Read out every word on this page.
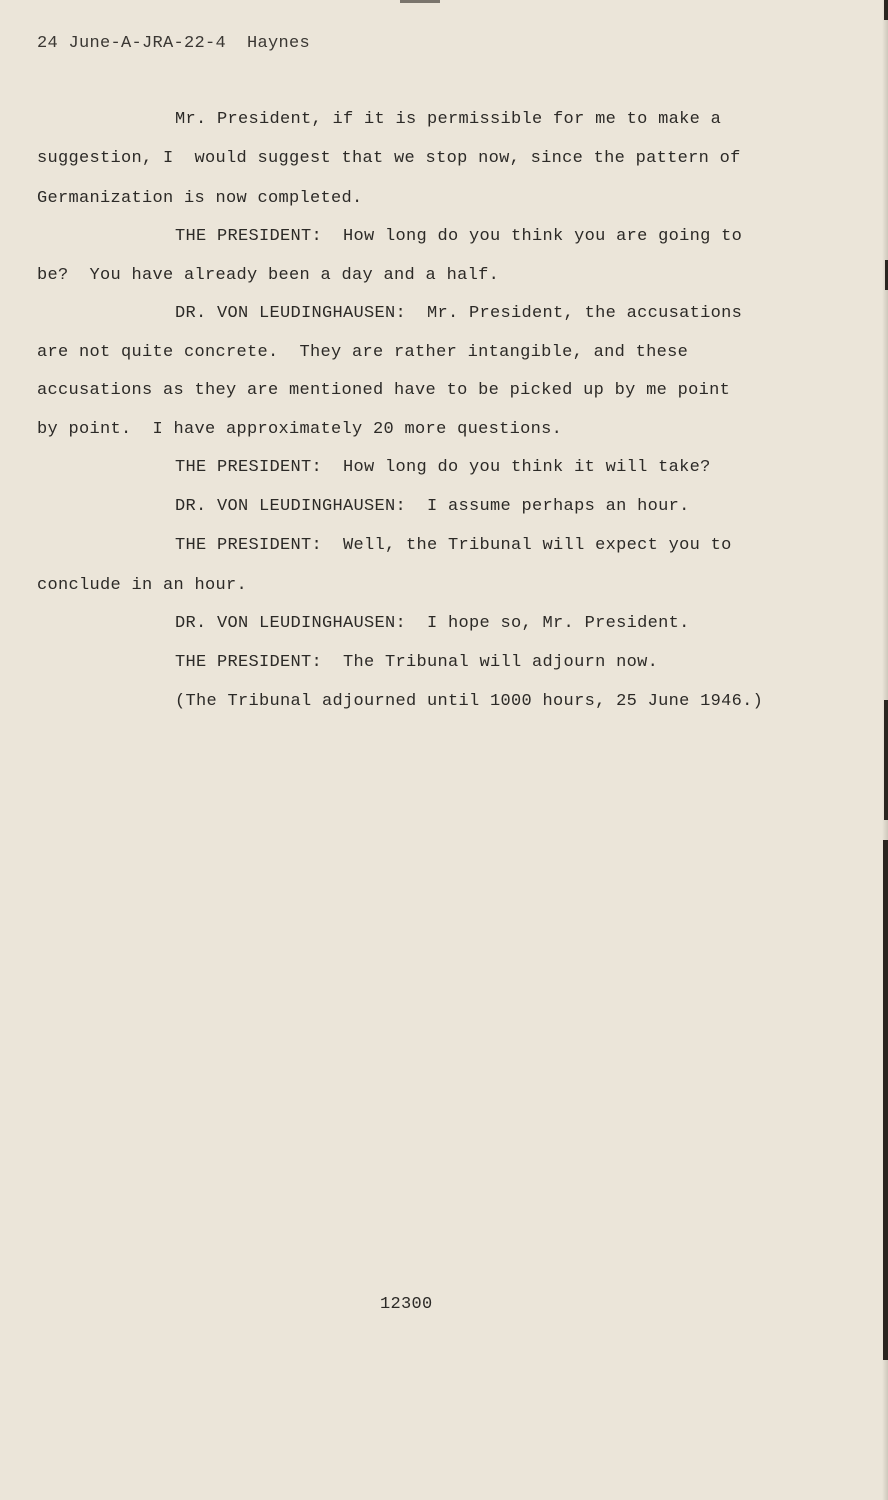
24 June-A-JRA-22-4  Haynes

Mr. President, if it is permissible for me to make a

suggestion, I  would suggest that we stop now, since the pattern of

Germanization is now completed.

THE PRESIDENT:  How long do you think you are going to

be?  You have already been a day and a half.

DR. VON LEUDINGHAUSEN:  Mr. President, the accusations

are not quite concrete.  They are rather intangible, and these

accusations as they are mentioned have to be picked up by me point

by point.  I have approximately 20 more questions.

THE PRESIDENT:  How long do you think it will take?

DR. VON LEUDINGHAUSEN:  I assume perhaps an hour.

THE PRESIDENT:  Well, the Tribunal will expect you to

conclude in an hour.

DR. VON LEUDINGHAUSEN:  I hope so, Mr. President.

THE PRESIDENT:  The Tribunal will adjourn now.

(The Tribunal adjourned until 1000 hours, 25 June 1946.)

12300
